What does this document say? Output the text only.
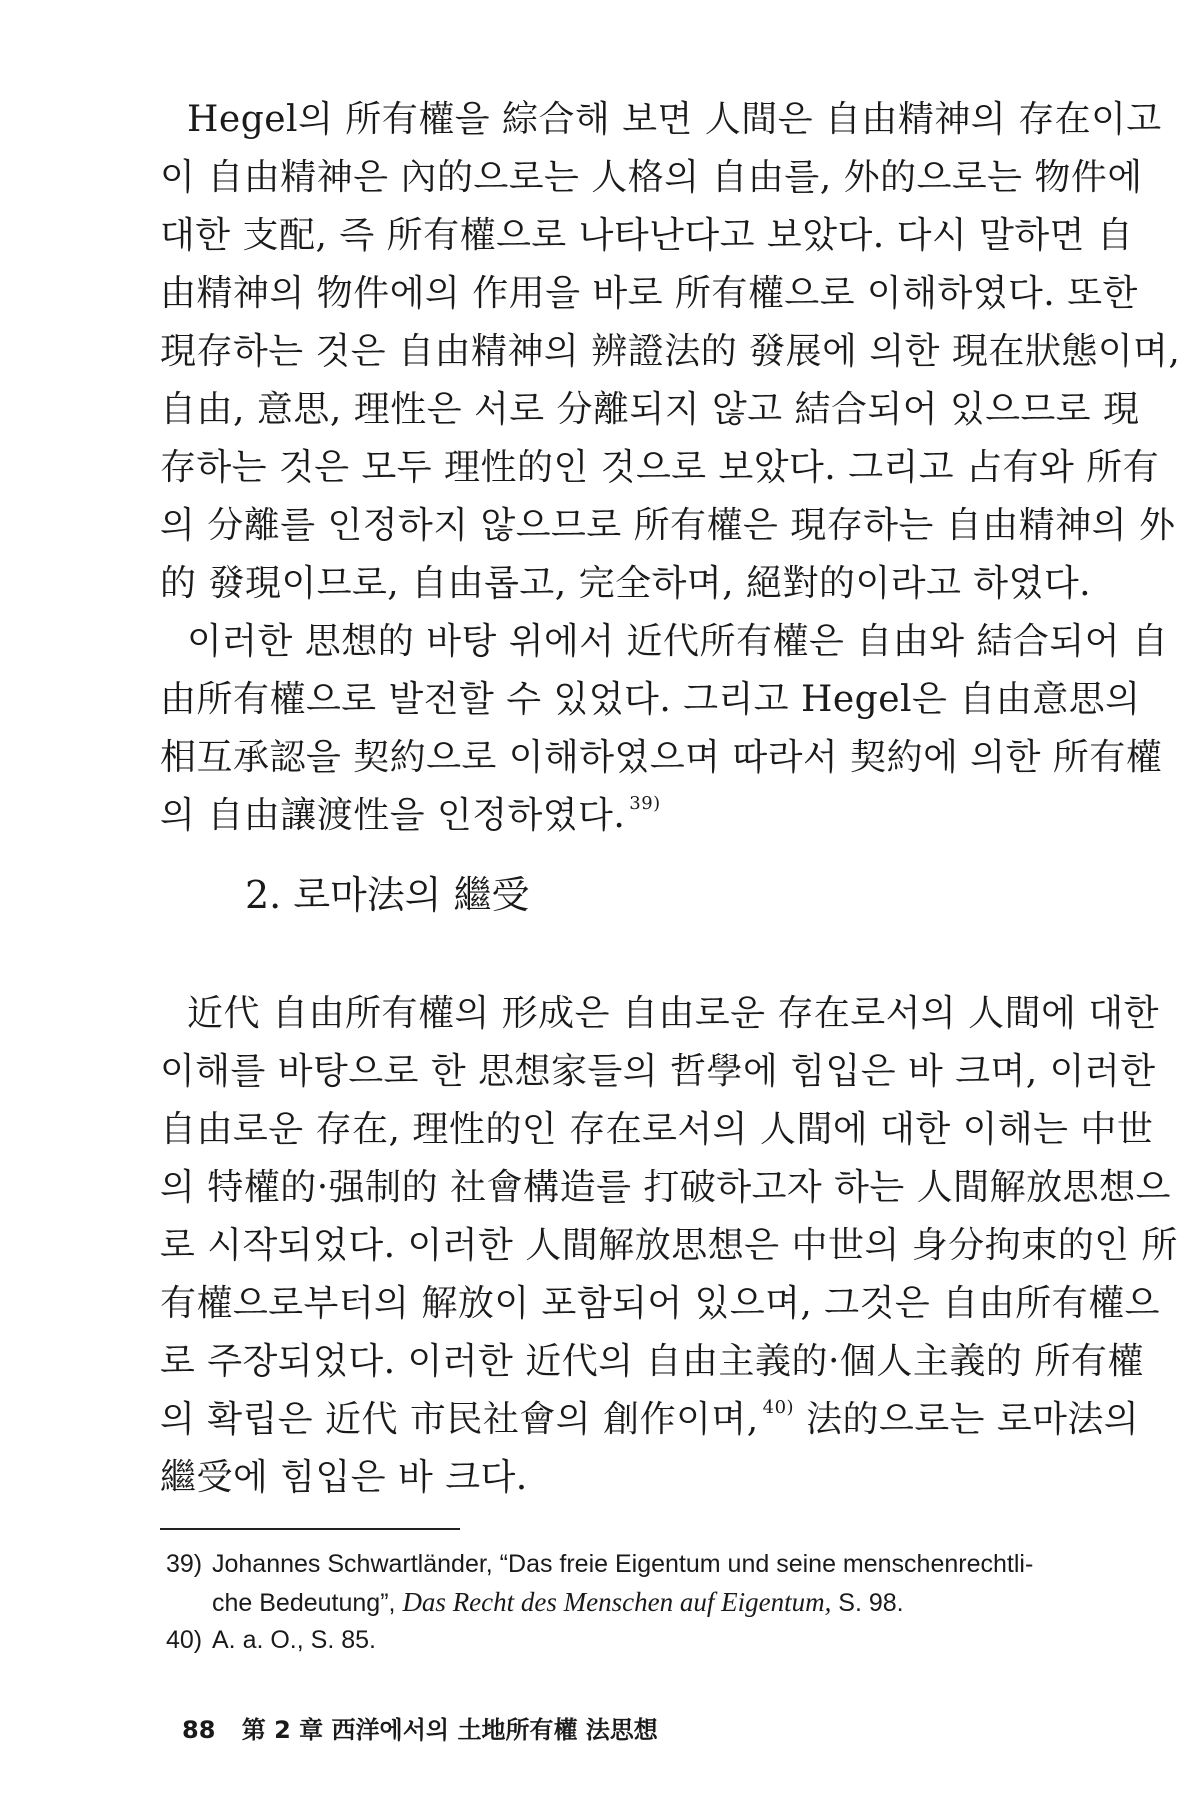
Hegel의 所有權을 綜合해 보면 人間은 自由精神의 存在이고
이 自由精神은 內的으로는 人格의 自由를, 外的으로는 物件에
대한 支配, 즉 所有權으로 나타난다고 보았다. 다시 말하면 自
由精神의 物件에의 作用을 바로 所有權으로 이해하였다. 또한
現存하는 것은 自由精神의 辨證法的 發展에 의한 現在狀態이며,
自由, 意思, 理性은 서로 分離되지 않고 結合되어 있으므로 現
存하는 것은 모두 理性的인 것으로 보았다. 그리고 占有와 所有
의 分離를 인정하지 않으므로 所有權은 現存하는 自由精神의 外
的 發現이므로, 自由롭고, 完全하며, 絕對的이라고 하였다.
이러한 思想的 바탕 위에서 近代所有權은 自由와 結合되어 自
由所有權으로 발전할 수 있었다. 그리고 Hegel은 自由意思의
相互承認을 契約으로 이해하였으며 따라서 契約에 의한 所有權
의 自由讓渡性을 인정하였다. $^{39)}$
2. 로마法의 繼受
近代 自由所有權의 形成은 自由로운 存在로서의 人間에 대한
이해를 바탕으로 한 思想家들의 哲學에 힘입은 바 크며, 이러한
自由로운 存在, 理性的인 存在로서의 人間에 대한 이해는 中世
의 特權的·强制的 社會構造를 打破하고자 하는 人間解放思想으
로 시작되었다. 이러한 人間解放思想은 中世의 身分拘束的인 所
有權으로부터의 解放이 포함되어 있으며, 그것은 自由所有權으
로 주장되었다. 이러한 近代의 自由主義的·個人主義的 所有權
의 확립은 近代 市民社會의 創作이며, $^{40)}$ 法的으로는 로마法의
繼受에 힘입은 바 크다.
39) Johannes Schwartländer, “Das freie Eigentum und seine menschenrechtli-
che Bedeutung”, Das Recht des Menschen auf Eigentum, S. 98.
40) A. a. O., S. 85.
88 第 2 章 西洋에서의 土地所有權 法思想
